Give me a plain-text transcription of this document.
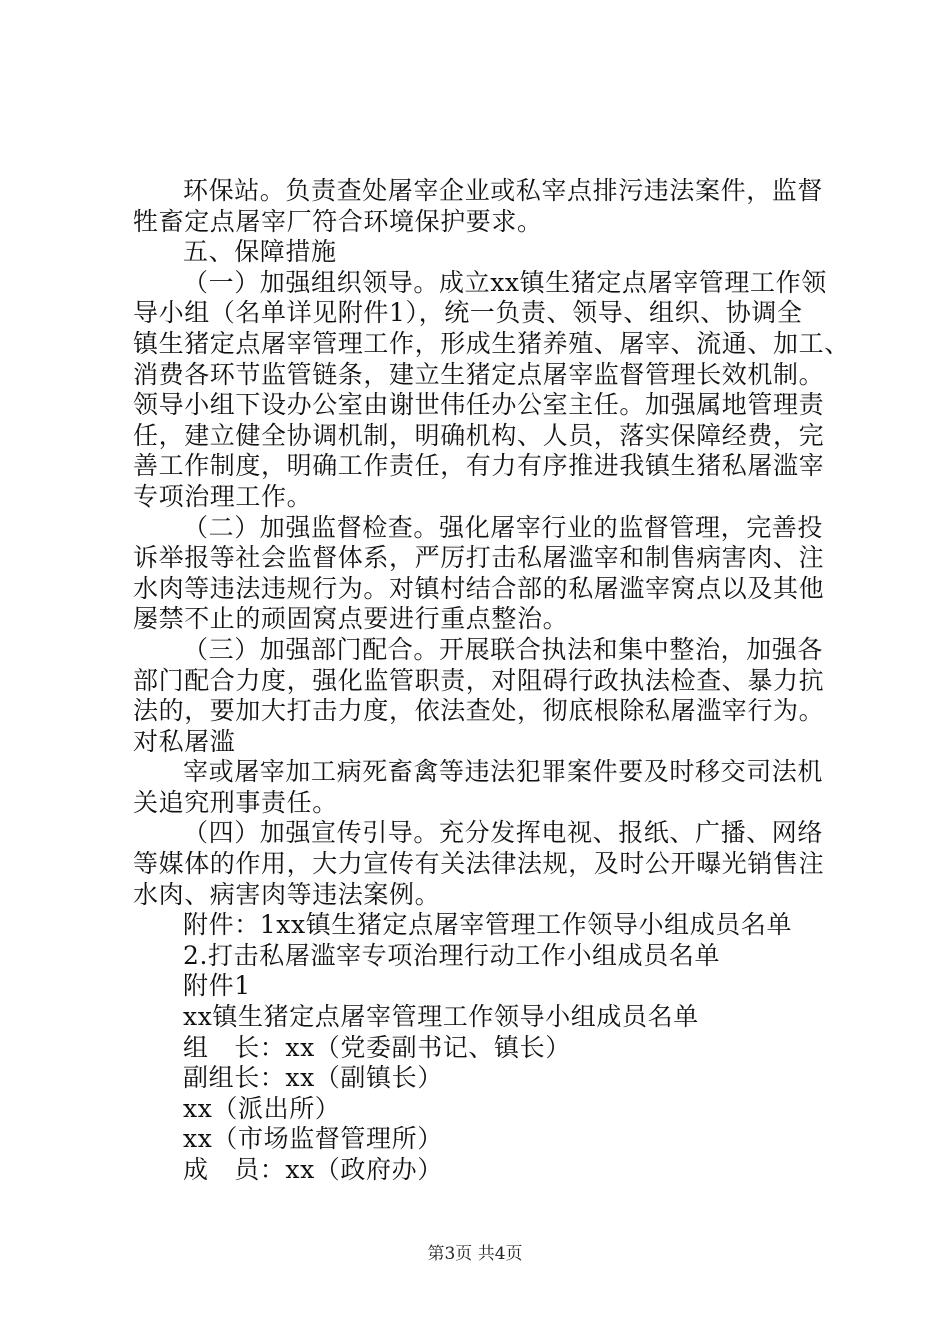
环保站。负责查处屠宰企业或私宰点排污违法案件，监督
牲畜定点屠宰厂符合环境保护要求。
五、保障措施
（一）加强组织领导。成立xx镇生猪定点屠宰管理工作领
导小组（名单详见附件1），统一负责、领导、组织、协调全
镇生猪定点屠宰管理工作，形成生猪养殖、屠宰、流通、加工、
消费各环节监管链条，建立生猪定点屠宰监督管理长效机制。
领导小组下设办公室由谢世伟任办公室主任。加强属地管理责
任，建立健全协调机制，明确机构、人员，落实保障经费，完
善工作制度，明确工作责任，有力有序推进我镇生猪私屠滥宰
专项治理工作。
（二）加强监督检查。强化屠宰行业的监督管理，完善投
诉举报等社会监督体系，严厉打击私屠滥宰和制售病害肉、注
水肉等违法违规行为。对镇村结合部的私屠滥宰窝点以及其他
屡禁不止的顽固窝点要进行重点整治。
（三）加强部门配合。开展联合执法和集中整治，加强各
部门配合力度，强化监管职责，对阻碍行政执法检查、暴力抗
法的，要加大打击力度，依法查处，彻底根除私屠滥宰行为。
对私屠滥
宰或屠宰加工病死畜禽等违法犯罪案件要及时移交司法机
关追究刑事责任。
（四）加强宣传引导。充分发挥电视、报纸、广播、网络
等媒体的作用，大力宣传有关法律法规，及时公开曝光销售注
水肉、病害肉等违法案例。
附件：1xx镇生猪定点屠宰管理工作领导小组成员名单
2.打击私屠滥宰专项治理行动工作小组成员名单
附件1
xx镇生猪定点屠宰管理工作领导小组成员名单
组　长：xx（党委副书记、镇长）
副组长：xx（副镇长）
xx（派出所）
xx（市场监督管理所）
成　员：xx（政府办）
第3页 共4页
